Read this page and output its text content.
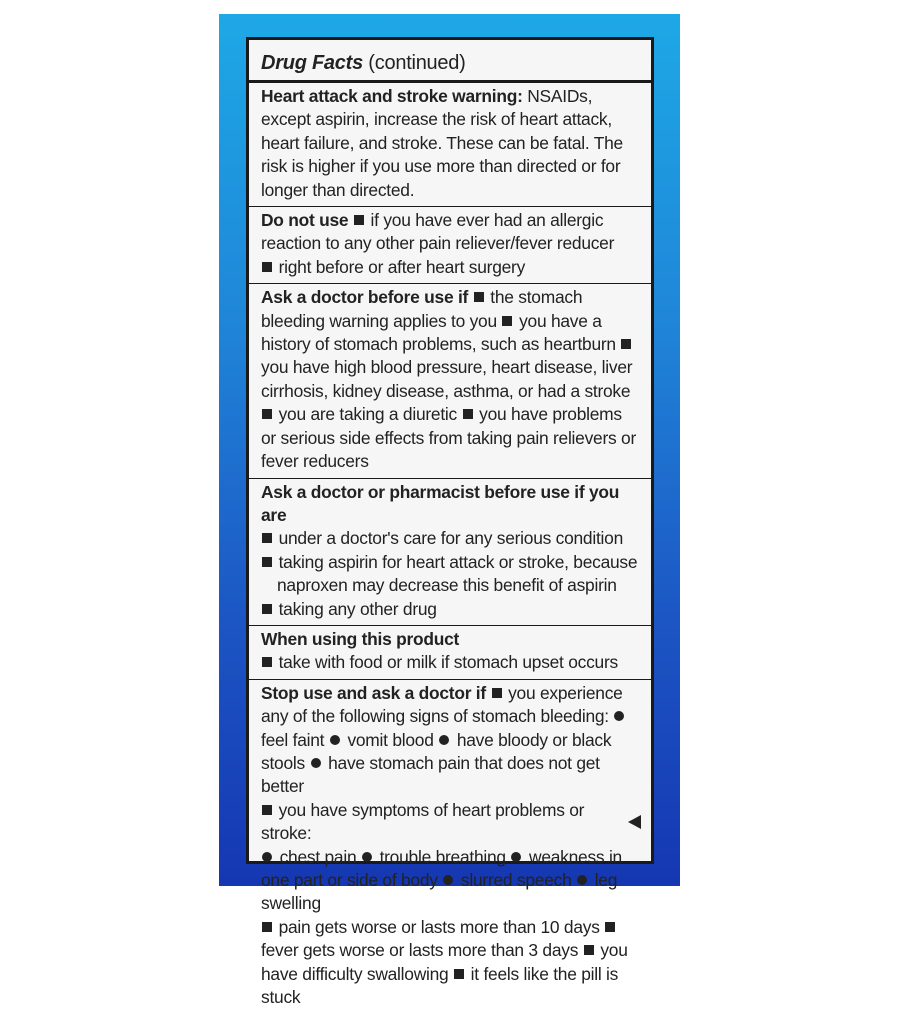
Drug Facts (continued)
Heart attack and stroke warning: NSAIDs, except aspirin, increase the risk of heart attack, heart failure, and stroke. These can be fatal. The risk is higher if you use more than directed or for longer than directed.
Do not use if you have ever had an allergic reaction to any other pain reliever/fever reducer
right before or after heart surgery
Ask a doctor before use if the stomach bleeding warning applies to you you have a history of stomach problems, such as heartburn  you have high blood pressure, heart disease, liver cirrhosis, kidney disease, asthma, or had a stroke  you are taking a diuretic you have problems or serious side effects from taking pain relievers or fever reducers
Ask a doctor or pharmacist before use if you are
under a doctor's care for any serious condition
taking aspirin for heart attack or stroke, because

naproxen may decrease this benefit of aspirin
taking any other drug
When using this product
take with food or milk if stomach upset occurs
Stop use and ask a doctor if you experience any of the following signs of stomach bleeding:  feel faint vomit blood have bloody or black stools have stomach pain that does not get better
you have symptoms of heart problems or stroke:
chest pain trouble breathing weakness in one part or side of body slurred speech leg swelling
pain gets worse or lasts more than 10 days  fever gets worse or lasts more than 3 days you have difficulty swallowing it feels like the pill is stuck
